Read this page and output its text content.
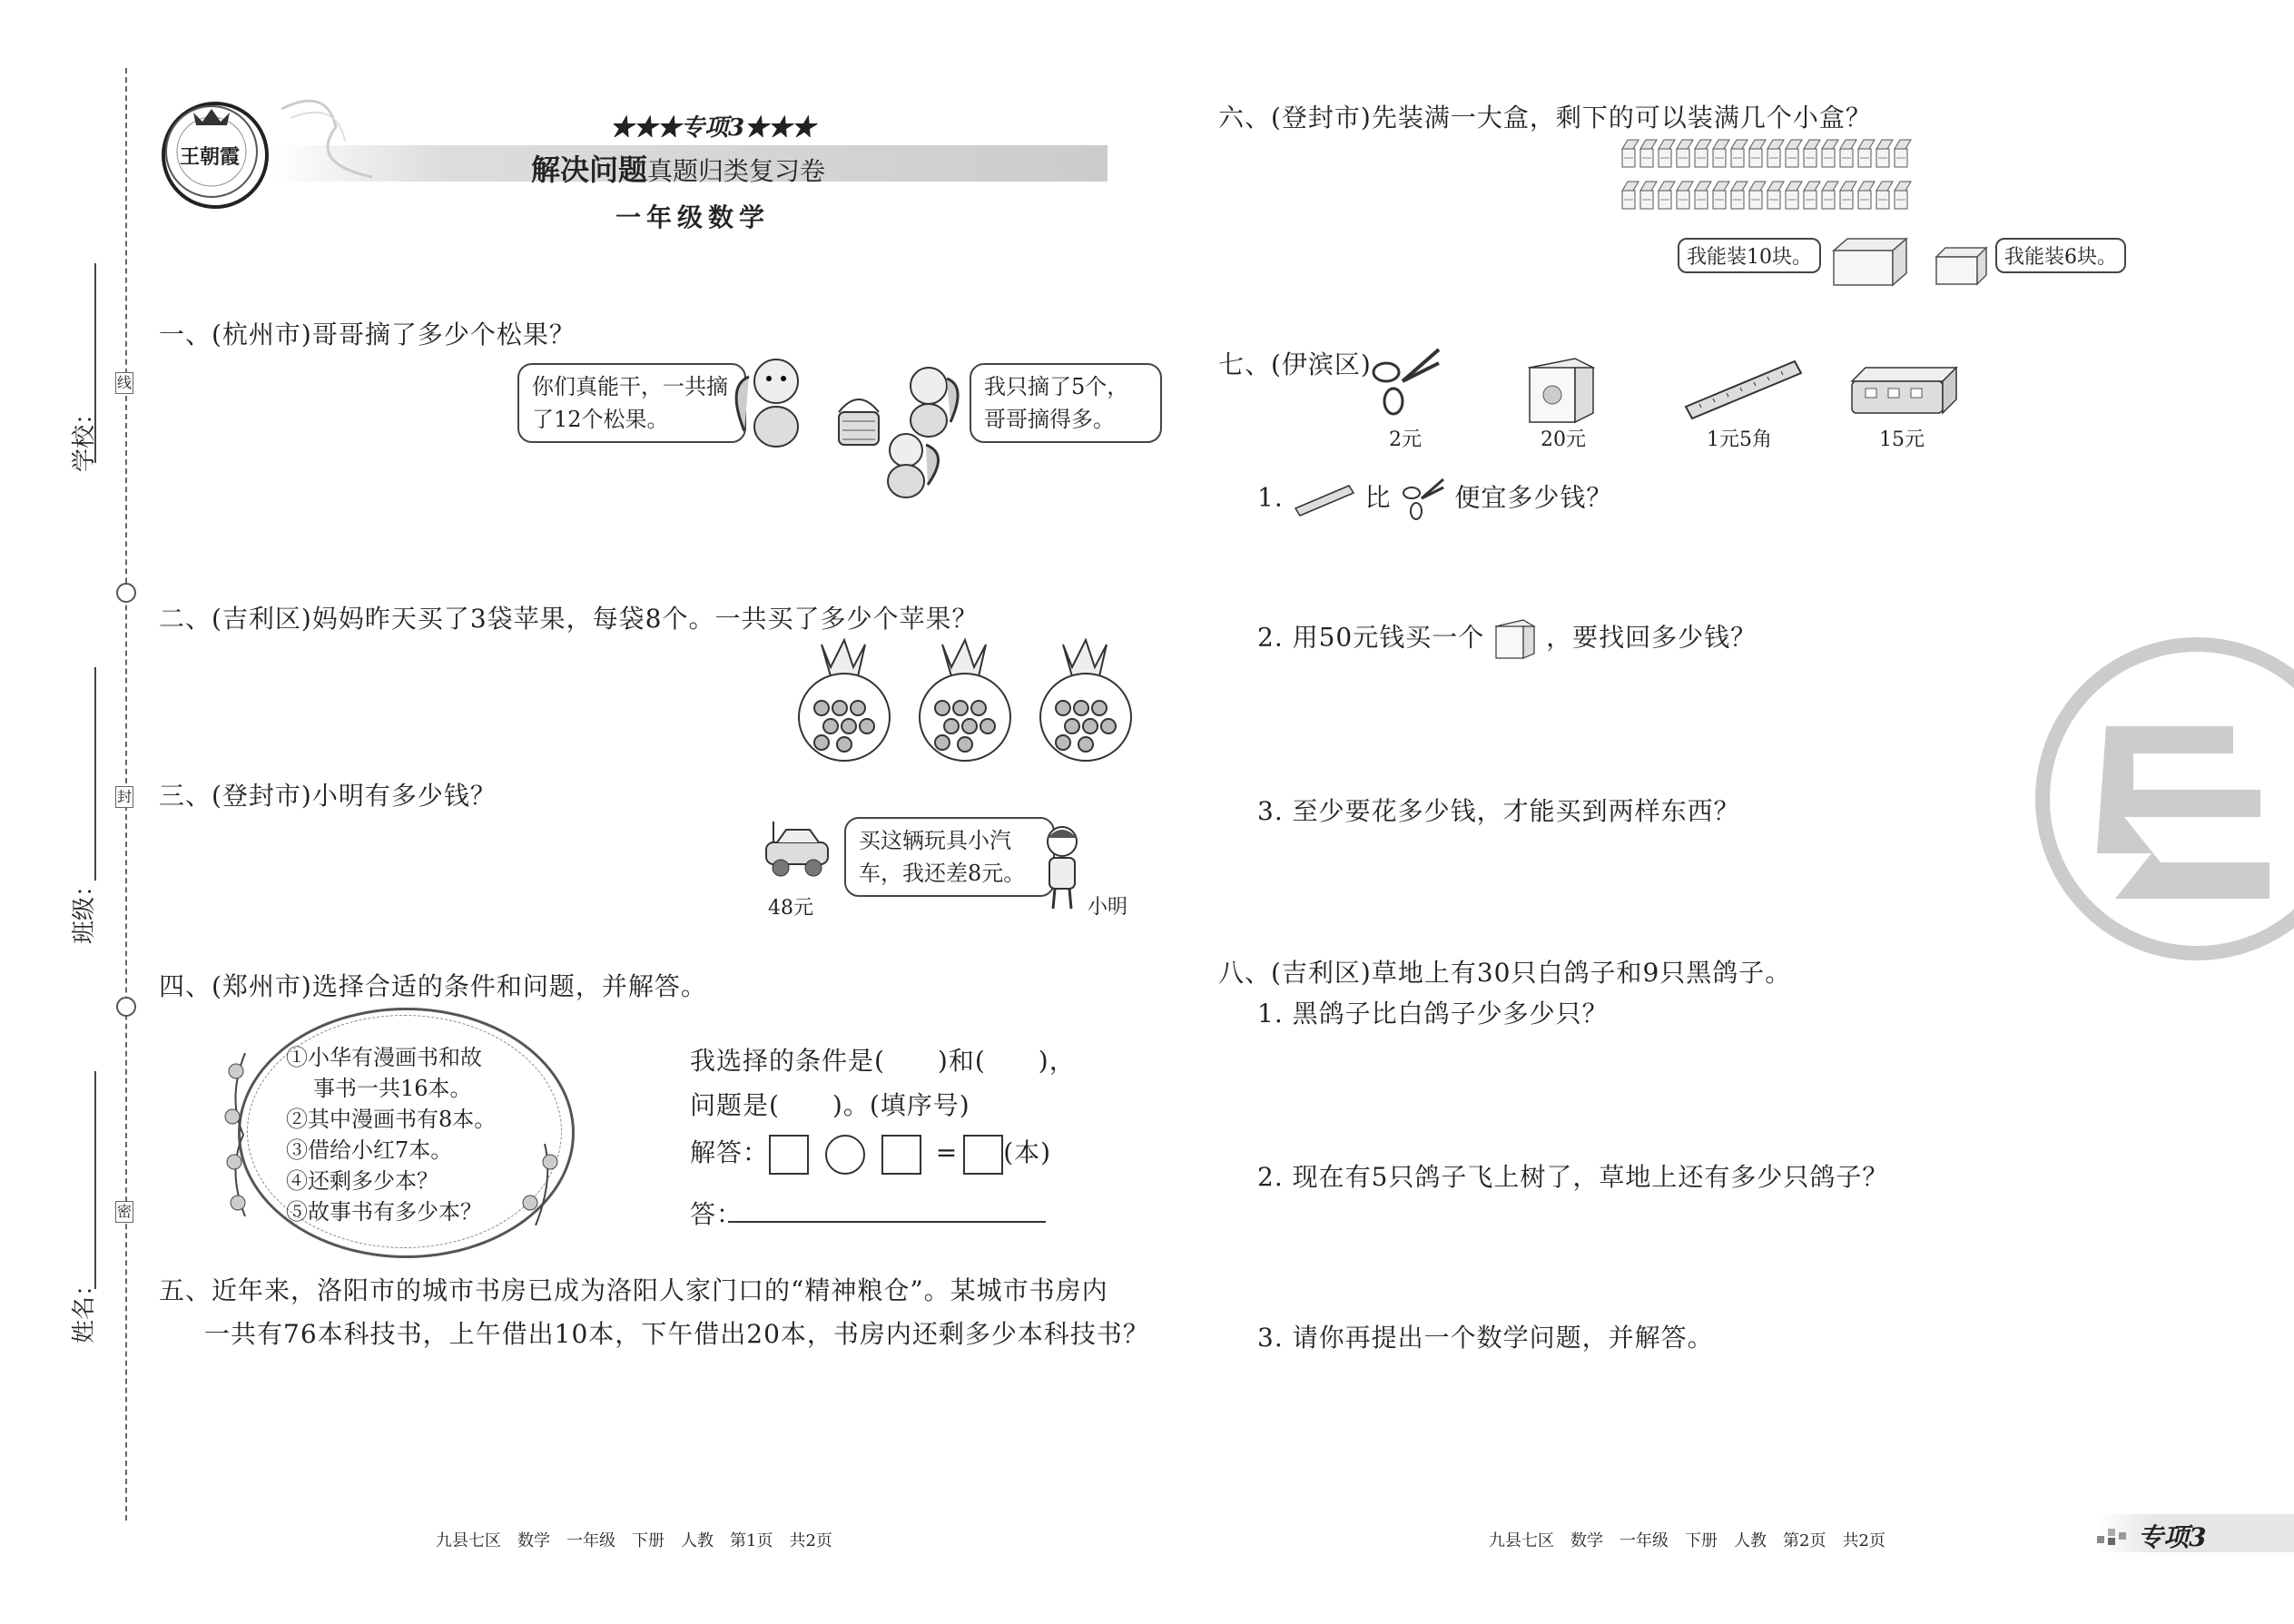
线
封
密
学校：
班级：
姓名：
王朝霞
★★★专项3★★★
解决问题真题归类复习卷
一年级数学
一、(杭州市)哥哥摘了多少个松果？
你们真能干，一共摘了12个松果。
我只摘了5个，哥哥摘得多。
二、(吉利区)妈妈昨天买了3袋苹果，每袋8个。一共买了多少个苹果？
三、(登封市)小明有多少钱？
48元
买这辆玩具小汽车，我还差8元。
小明
四、(郑州市)选择合适的条件和问题，并解答。
①小华有漫画书和故
事书一共16本。
②其中漫画书有8本。
③借给小红7本。
④还剩多少本？
⑤故事书有多少本？
我选择的条件是(　　)和(　　)，
问题是(　　)。(填序号)
解答：	= (本)
答：
五、近年来，洛阳市的城市书房已成为洛阳人家门口的“精神粮仓”。某城市书房内
一共有76本科技书，上午借出10本，下午借出20本，书房内还剩多少本科技书？
九县七区　数学　一年级　下册　人教　第1页　共2页
六、(登封市)先装满一大盒，剩下的可以装满几个小盒？
我能装10块。	我能装6块。
七、(伊滨区)
2元	20元	1元5角	15元
1.	比 便宜多少钱？
2. 用50元钱买一个 ，要找回多少钱？
3. 至少要花多少钱，才能买到两样东西？
八、(吉利区)草地上有30只白鸽子和9只黑鸽子。
1. 黑鸽子比白鸽子少多少只？
2. 现在有5只鸽子飞上树了，草地上还有多少只鸽子？
3. 请你再提出一个数学问题，并解答。
九县七区　数学　一年级　下册　人教　第2页　共2页	专项3
